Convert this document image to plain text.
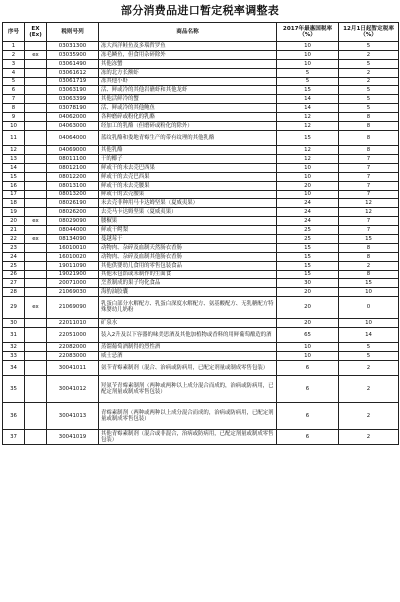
部分消费品进口暂定税率调整表
序号	EX (Ex)	税则号列	商品名称	2017年最惠国税率（%）	12月1日起暂定税率（%）
1		03031300	冻大西洋鲑鱼及多瑙哲罗鱼	10	5
2	ex	03035900	冻毛鳞鱼，但食用杂碎除外	10	2
3		03061490	其他冻蟹	10	5
4		03061612	冻的北方长额虾	5	2
5		03061719	冻其他小虾	5	2
6		03063190	活、鲜或冷的其他岩礁虾和其他龙虾	15	5
7		03063399	其他活鲜冷的蟹	14	5
8		03078190	活、鲜或冷的其他鲍鱼	14	5
9		04062000	各种磨碎或粉化的乳酪	12	8
10		04063000	经加工的乳酪（但磨碎或粉化的除外）	12	8
11		04064000	蓝纹乳酪和娄地青霉生产的带有纹理的其他乳酪	15	8
12		04069000	其他乳酪	12	8
13		08011100	干的椰子	12	7
14		08012100	鲜或干的未去壳巴西果	10	7
15		08012200	鲜或干的去壳巴西果	10	7
16		08013100	鲜或干的未去壳腰果	20	7
17		08013200	鲜或干的去壳腰果	10	7
18		08026190	未去壳非种用马卡达姆坚果（夏威夷果）	24	12
19		08026200	去壳马卡达姆坚果（夏威夷果）	24	12
20	ex	08029090	腰椒果	24	7
21		08044000	鲜或干鳄梨	25	7
22	ex	08134090	蔓越莓干	25	15
23		16010010	动物肉、杂碎及血制天然肠衣香肠	15	8
24		16010020	动物肉、杂碎及血制其他肠衣香肠	15	8
25		19011090	其他供婴幼儿食用的零售包装食品	15	2
26		19021900	其他未包馅或未制作的生面食	15	8
27		20071000	烹煮制成的果子均化食品	30	15
28		21069030	海豹油胶囊	20	10
29	ex	21069090	乳蛋白部分水解配方、乳蛋白深度水解配方、氨基酸配方、无乳糖配方特殊婴幼儿奶粉	20	0
30		22011010	矿泉水	20	10
31		22051000	装入2升及以下容器的味美思酒及其他加植物或香料的用鲜葡萄酿造的酒	65	14
32		22082000	蒸馏葡萄酒制得的烈性酒	10	5
33		22083000	威士忌酒	10	5
34		30041011	氨苄青霉素制剂（混合、治病或防病用，已配定剂量或制成零售包装）	6	2
35		30041012	羟氨苄青霉素制剂（两种或两种以上成分混合而成的，治病或防病用，已配定剂量或制成零售包装）	6	2
36		30041013	青霉素制剂（两种或两种以上成分混合而成的，治病或防病用，已配定剂量或制成零售包装）	6	2
37		30041019	其他青霉素制剂（混合或非混合，治病或防病用，已配定剂量或制成零售包装）	6	2
